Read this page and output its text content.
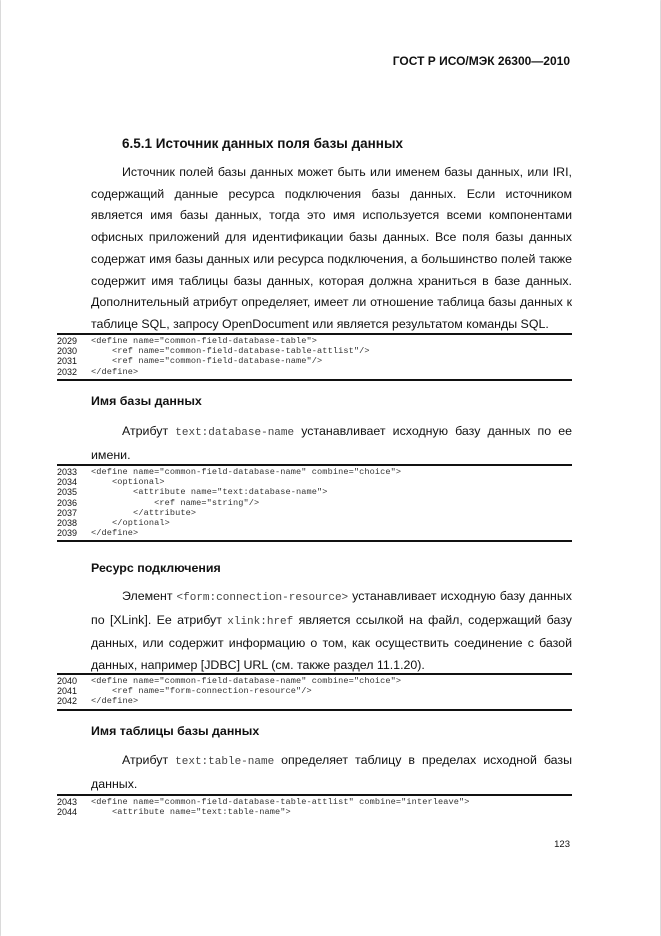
ГОСТ Р ИСО/МЭК 26300—2010
6.5.1 Источник данных поля базы данных
Источник полей базы данных может быть или именем базы данных, или IRI, содержащий данные ресурса подключения базы данных. Если источником является имя базы данных, тогда это имя используется всеми компонентами офисных приложений для идентификации базы данных. Все поля базы данных содержат имя базы данных или ресурса подключения, а большинство полей также содержит имя таблицы базы данных, которая должна храниться в базе данных. Дополнительный атрибут определяет, имеет ли отношение таблица базы данных к таблице SQL, запросу OpenDocument или является результатом команды SQL.
2029 <define name="common-field-database-table">
2030 <ref name="common-field-database-table-attlist"/>
2031 <ref name="common-field-database-name"/>
2032 </define>
Имя базы данных
Атрибут text:database-name устанавливает исходную базу данных по ее имени.
2033 <define name="common-field-database-name" combine="choice">
2034 <optional>
2035 <attribute name="text:database-name">
2036 <ref name="string"/>
2037 </attribute>
2038 </optional>
2039 </define>
Ресурс подключения
Элемент <form:connection-resource> устанавливает исходную базу данных по [XLink]. Ее атрибут xlink:href является ссылкой на файл, содержащий базу данных, или содержит информацию о том, как осуществить соединение с базой данных, например [JDBC] URL (см. также раздел 11.1.20).
2040 <define name="common-field-database-name" combine="choice">
2041 <ref name="form-connection-resource"/>
2042 </define>
Имя таблицы базы данных
Атрибут text:table-name определяет таблицу в пределах исходной базы данных.
2043 <define name="common-field-database-table-attlist" combine="interleave">
2044 <attribute name="text:table-name">
123
